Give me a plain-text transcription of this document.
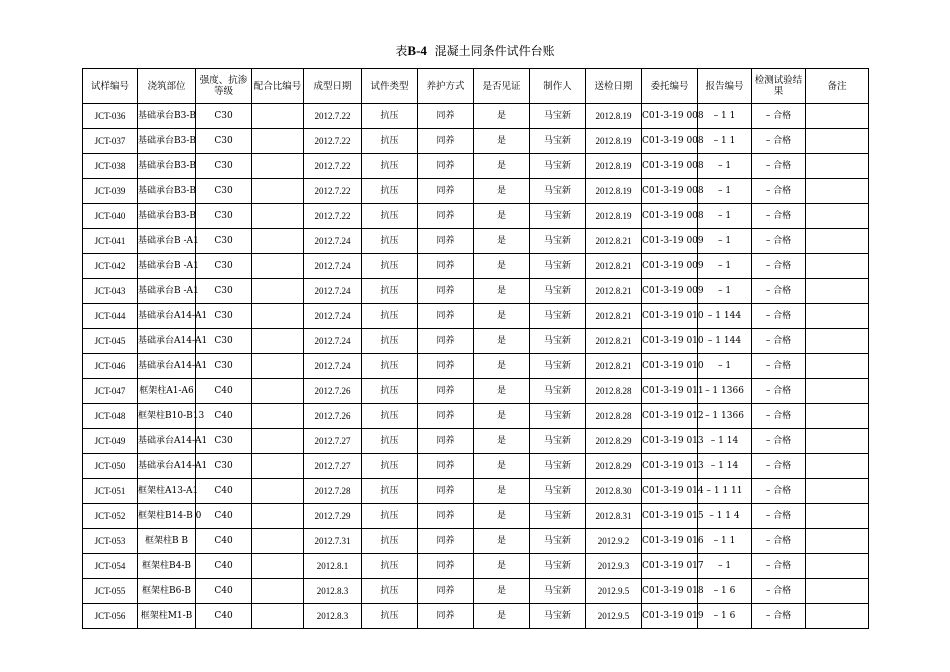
表B-4 混凝土同条件试件台账
试样编号	浇筑部位	强度、抗渗等级	配合比编号	成型日期	试件类型	养护方式	是否见证	制作人	送检日期	委托编号	报告编号	检测试验结果	备注
JCT-036	基础承台B3-B	C30		2012.7.22	抗压	同养	是	马宝新	2012.8.19	C01-3-19 008	– 1 1	– 合格	
JCT-037	基础承台B3-B	C30		2012.7.22	抗压	同养	是	马宝新	2012.8.19	C01-3-19 008	– 1 1	– 合格	
JCT-038	基础承台B3-B	C30		2012.7.22	抗压	同养	是	马宝新	2012.8.19	C01-3-19 008	– 1	– 合格	
JCT-039	基础承台B3-B	C30		2012.7.22	抗压	同养	是	马宝新	2012.8.19	C01-3-19 008	– 1	– 合格	
JCT-040	基础承台B3-B	C30		2012.7.22	抗压	同养	是	马宝新	2012.8.19	C01-3-19 008	– 1	– 合格	
JCT-041	基础承台B -A1	C30		2012.7.24	抗压	同养	是	马宝新	2012.8.21	C01-3-19 009	– 1	– 合格	
JCT-042	基础承台B -A1	C30		2012.7.24	抗压	同养	是	马宝新	2012.8.21	C01-3-19 009	– 1	– 合格	
JCT-043	基础承台B -A1	C30		2012.7.24	抗压	同养	是	马宝新	2012.8.21	C01-3-19 009	– 1	– 合格	
JCT-044	基础承台A14-A1	C30		2012.7.24	抗压	同养	是	马宝新	2012.8.21	C01-3-19 010	– 1 144	– 合格	
JCT-045	基础承台A14-A1	C30		2012.7.24	抗压	同养	是	马宝新	2012.8.21	C01-3-19 010	– 1 144	– 合格	
JCT-046	基础承台A14-A1	C30		2012.7.24	抗压	同养	是	马宝新	2012.8.21	C01-3-19 010	– 1	– 合格	
JCT-047	框架柱A1-A6	C40		2012.7.26	抗压	同养	是	马宝新	2012.8.28	C01-3-19 011	– 1 1366	– 合格	
JCT-048	框架柱B10-B13	C40		2012.7.26	抗压	同养	是	马宝新	2012.8.28	C01-3-19 012	– 1 1366	– 合格	
JCT-049	基础承台A14-A1	C30		2012.7.27	抗压	同养	是	马宝新	2012.8.29	C01-3-19 013	– 1 14	– 合格	
JCT-050	基础承台A14-A1	C30		2012.7.27	抗压	同养	是	马宝新	2012.8.29	C01-3-19 013	– 1 14	– 合格	
JCT-051	框架柱A13-A1	C40		2012.7.28	抗压	同养	是	马宝新	2012.8.30	C01-3-19 014	– 1 1 11	– 合格	
JCT-052	框架柱B14-B 0	C40		2012.7.29	抗压	同养	是	马宝新	2012.8.31	C01-3-19 015	– 1 1 4	– 合格	
JCT-053	框架柱B B	C40		2012.7.31	抗压	同养	是	马宝新	2012.9.2	C01-3-19 016	– 1 1	– 合格	
JCT-054	框架柱B4-B	C40		2012.8.1	抗压	同养	是	马宝新	2012.9.3	C01-3-19 017	– 1	– 合格	
JCT-055	框架柱B6-B	C40		2012.8.3	抗压	同养	是	马宝新	2012.9.5	C01-3-19 018	– 1 6	– 合格	
JCT-056	框架柱M1-B	C40		2012.8.3	抗压	同养	是	马宝新	2012.9.5	C01-3-19 019	– 1 6	– 合格	
